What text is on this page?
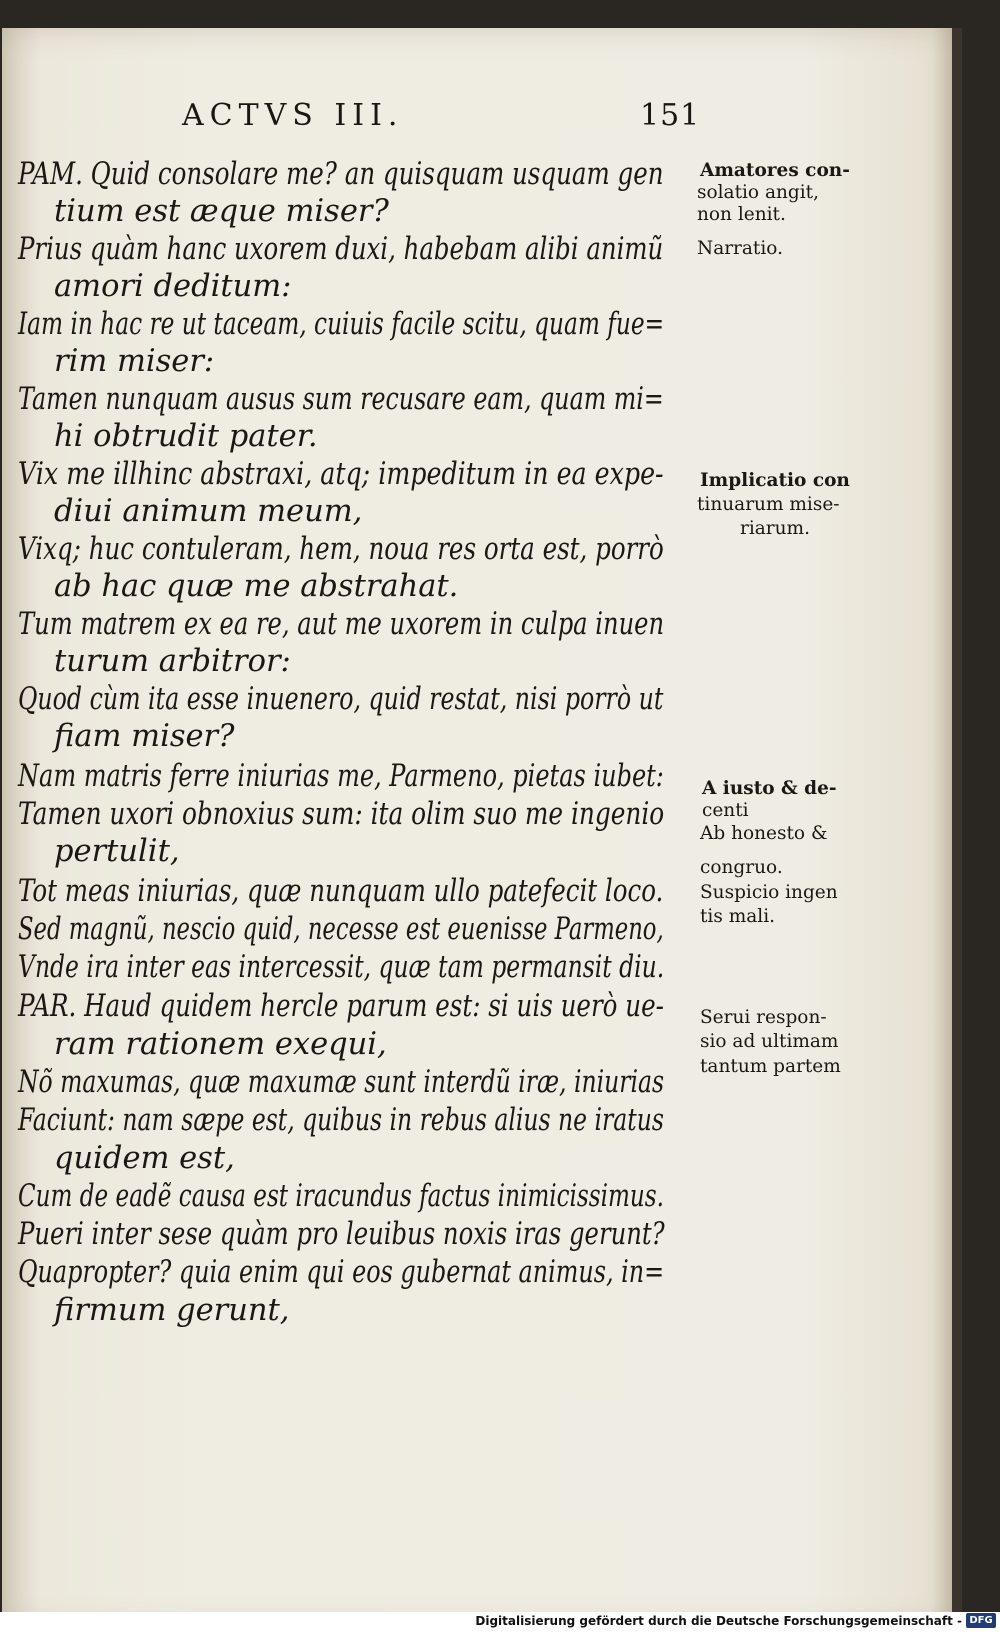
ACTVS III.	151
PAM. Quid consolare me? an quisquam usquam gen
tium est æque miser?
Prius quàm hanc uxorem duxi, habebam alibi animũ
amori deditum:
Iam in hac re ut taceam, cuiuis facile scitu, quam fue=
rim miser:
Tamen nunquam ausus sum recusare eam, quam mi=
hi obtrudit pater.
Vix me illhinc abstraxi, atq; impeditum in ea expe-
diui animum meum,
Vixq; huc contuleram, hem, noua res orta est, porrò
ab hac quæ me abstrahat.
Tum matrem ex ea re, aut me uxorem in culpa inuen
turum arbitror:
Quod cùm ita esse inuenero, quid restat, nisi porrò ut
fiam miser?
Nam matris ferre iniurias me, Parmeno, pietas iubet:
Tamen uxori obnoxius sum: ita olim suo me ingenio
pertulit,
Tot meas iniurias, quæ nunquam ullo patefecit loco.
Sed magnũ, nescio quid, necesse est euenisse Parmeno,
Vnde ira inter eas intercessit, quæ tam permansit diu.
PAR. Haud quidem hercle parum est: si uis uerò ue-
ram rationem exequi,
Nõ maxumas, quæ maxumæ sunt interdũ iræ, iniurias
Faciunt: nam sæpe est, quibus in rebus alius ne iratus
quidem est,
Cum de eadẽ causa est iracundus factus inimicissimus.
Pueri inter sese quàm pro leuibus noxis iras gerunt?
Quapropter? quia enim qui eos gubernat animus, in=
firmum gerunt,
Amatores con-
solatio angit,
non lenit.
Narratio.
Implicatio con
tinuarum mise-
riarum.
A iusto & de-
centi
Ab honesto &
congruo.
Suspicio ingen
tis mali.
Serui respon-
sio ad ultimam
tantum partem
Digitalisierung gefördert durch die Deutsche Forschungsgemeinschaft - DFG
